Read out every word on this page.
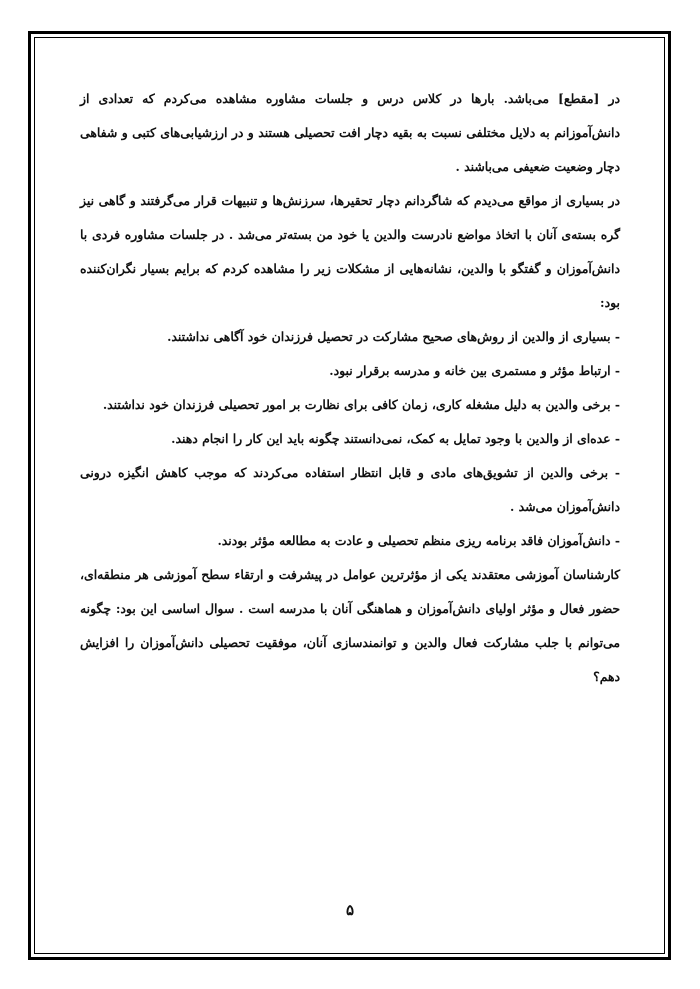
در [مقطع] می‌باشد. بارها در کلاس درس و جلسات مشاوره مشاهده می‌کردم که تعدادی از دانش‌آموزانم به دلایل مختلفی نسبت به بقیه دچار افت تحصیلی هستند و در ارزشیابی‌های کتبی و شفاهی دچار وضعیت ضعیفی می‌باشند .

در بسیاری از مواقع می‌دیدم که شاگردانم دچار تحقیرها، سرزنش‌ها و تنبیهات قرار می‌گرفتند و گاهی نیز گره بسته‌ی آنان با اتخاذ مواضع نادرست والدین یا خود من بسته‌تر می‌شد . در جلسات مشاوره فردی با دانش‌آموزان و گفتگو با والدین، نشانه‌هایی از مشکلات زیر را مشاهده کردم که برایم بسیار نگران‌کننده بود:

- بسیاری از والدین از روش‌های صحیح مشارکت در تحصیل فرزندان خود آگاهی نداشتند.

- ارتباط مؤثر و مستمری بین خانه و مدرسه برقرار نبود.

- برخی والدین به دلیل مشغله کاری، زمان کافی برای نظارت بر امور تحصیلی فرزندان خود نداشتند.

- عده‌ای از والدین با وجود تمایل به کمک، نمی‌دانستند چگونه باید این کار را انجام دهند.

- برخی والدین از تشویق‌های مادی و قابل انتظار استفاده می‌کردند که موجب کاهش انگیزه درونی دانش‌آموزان می‌شد .

- دانش‌آموزان فاقد برنامه ریزی منظم تحصیلی و عادت به مطالعه مؤثر بودند.

کارشناسان آموزشی معتقدند یکی از مؤثرترین عوامل در پیشرفت و ارتقاء سطح آموزشی هر منطقه‌ای، حضور فعال و مؤثر اولیای دانش‌آموزان و هماهنگی آنان با مدرسه است . سوال اساسی این بود: چگونه می‌توانم با جلب مشارکت فعال والدین و توانمندسازی آنان، موفقیت تحصیلی دانش‌آموزان را افزایش دهم؟

۵
